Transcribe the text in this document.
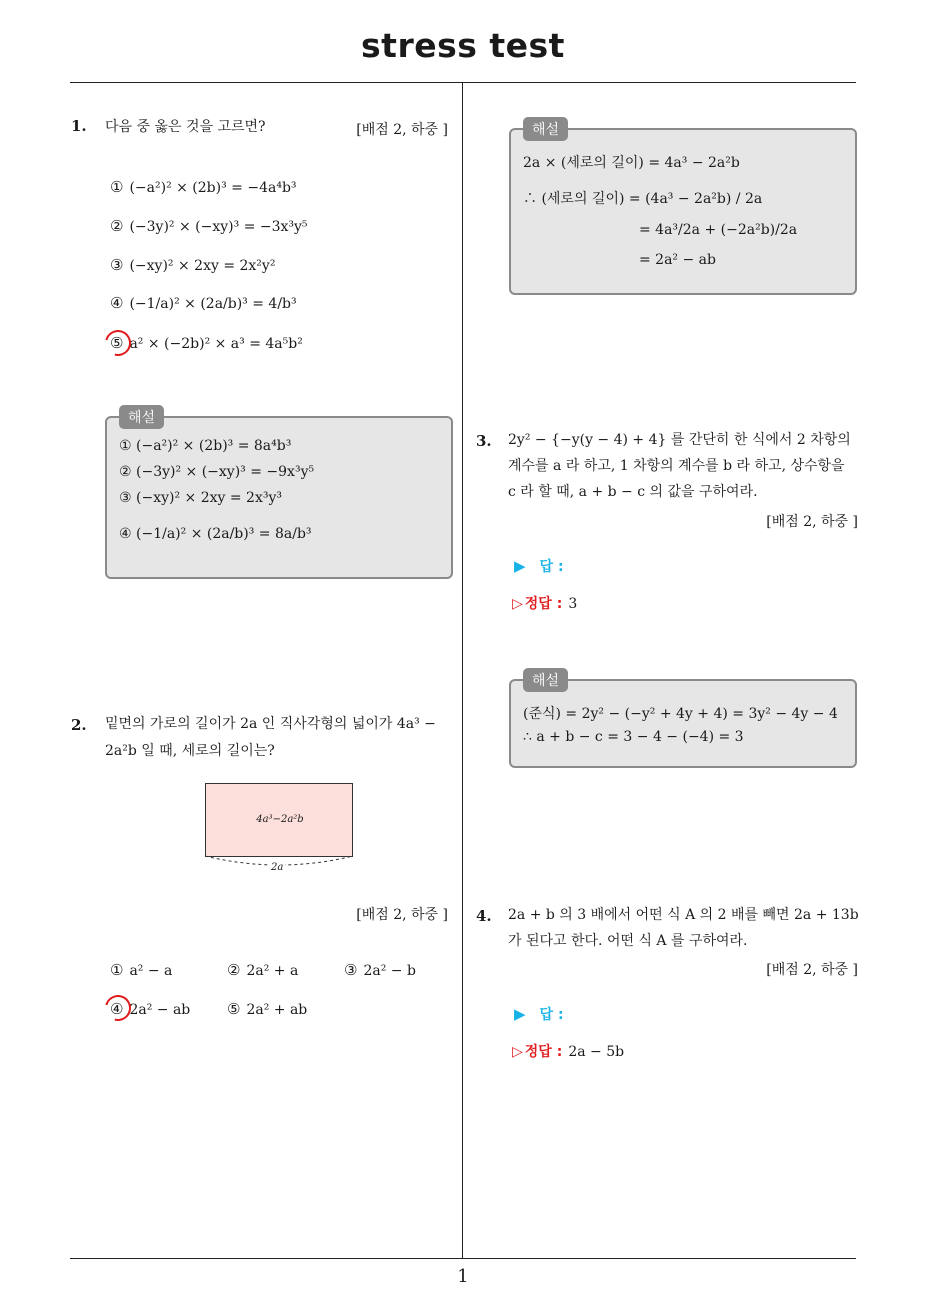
stress test
1
1. 다음 중 옳은 것을 고르면?	[배점 2, 하중 ]
① (−a²)² × (2b)³ = −4a⁴b³
② (−3y)² × (−xy)³ = −3x³y⁵
③ (−xy)² × 2xy = 2x²y²
④ (−1/a)² × (2a/b)³ = 4/b³
⑤ a² × (−2b)² × a³ = 4a⁵b²
해설
① (−a²)² × (2b)³ = 8a⁴b³
② (−3y)² × (−xy)³ = −9x³y⁵
③ (−xy)² × 2xy = 2x³y³
④ (−1/a)² × (2a/b)³ = 8a/b³
2. 밑면의 가로의 길이가 2a 인 직사각형의 넓이가 4a³ −
2a²b 일 때, 세로의 길이는?
4a³−2a²b
2a
[배점 2, 하중 ]
① a² − a	② 2a² + a	③ 2a² − b
④ 2a² − ab ⑤ 2a² + ab
해설
2a × (세로의 길이) = 4a³ − 2a²b
∴ (세로의 길이) = (4a³ − 2a²b) / 2a
= 4a³/2a + (−2a²b)/2a
= 2a² − ab
3. 2y² − {−y(y − 4) + 4} 를 간단히 한 식에서 2 차항의
계수를 a 라 하고, 1 차항의 계수를 b 라 하고, 상수항을
c 라 할 때, a + b − c 의 값을 구하여라.
[배점 2, 하중 ]
▶ 답 :
▷ 정답 : 3
해설
(준식) = 2y² − (−y² + 4y + 4) = 3y² − 4y − 4
∴ a + b − c = 3 − 4 − (−4) = 3
4. 2a + b 의 3 배에서 어떤 식 A 의 2 배를 빼면 2a + 13b
가 된다고 한다. 어떤 식 A 를 구하여라.
[배점 2, 하중 ]
▶ 답 :
▷ 정답 : 2a − 5b
